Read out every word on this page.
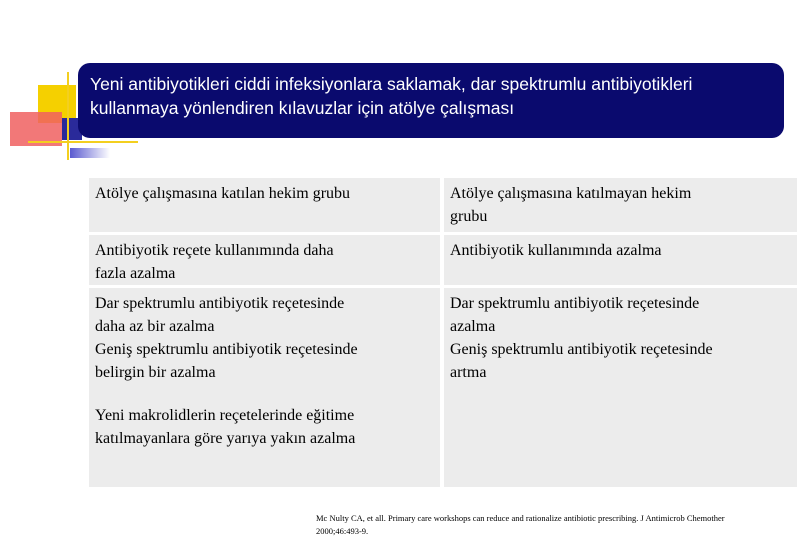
Yeni antibiyotikleri ciddi infeksiyonlara saklamak, dar spektrumlu antibiyotikleri
kullanmaya yönlendiren kılavuzlar için atölye çalışması
Atölye çalışmasına katılan hekim grubu	Atölye çalışmasına katılmayan hekim
grubu
Antibiyotik reçete kullanımında daha
fazla azalma
Antibiyotik kullanımında azalma
Dar spektrumlu antibiyotik reçetesinde
daha az bir azalma
Geniş spektrumlu antibiyotik reçetesinde
belirgin bir azalma
Yeni makrolidlerin reçetelerinde eğitime
katılmayanlara göre yarıya yakın azalma
Dar spektrumlu antibiyotik reçetesinde
azalma
Geniş spektrumlu antibiyotik reçetesinde
artma
Mc Nulty CA, et all. Primary care workshops can reduce and rationalize antibiotic prescribing. J Antimicrob Chemother
2000;46:493-9.
